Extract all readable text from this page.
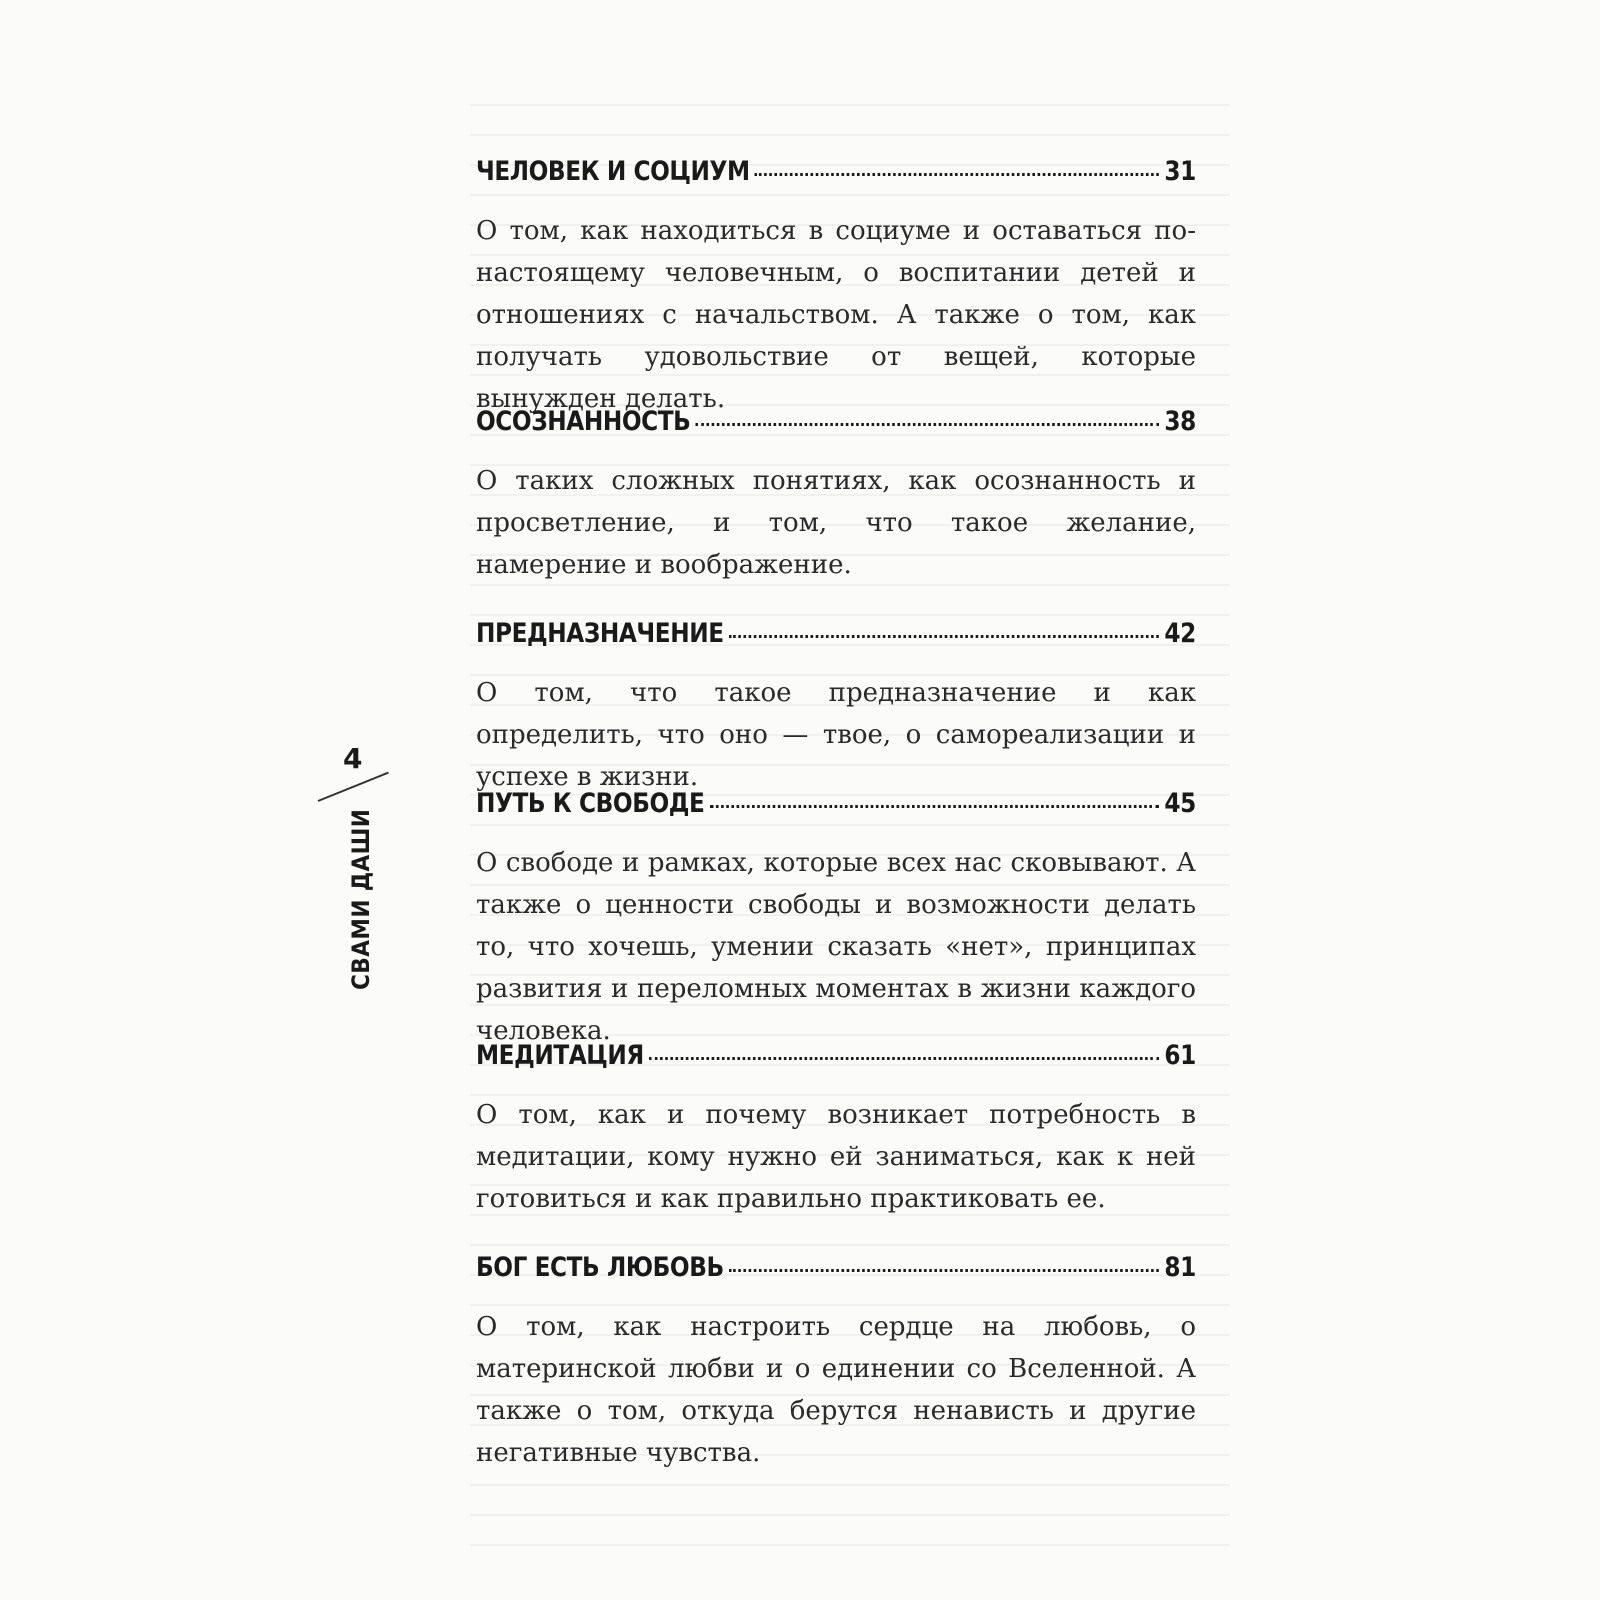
4
СВАМИ ДАШИ
ЧЕЛОВЕК И СОЦИУМ	31
О том, как находиться в социуме и оставаться по-настоящему человечным, о воспитании детей и отношениях с начальством. А также о том, как получать удовольствие от вещей, которые вынужден делать.
ОСОЗНАННОСТЬ	38
О таких сложных понятиях, как осознанность и просветление, и том, что такое желание, намерение и воображение.
ПРЕДНАЗНАЧЕНИЕ	42
О том, что такое предназначение и как определить, что оно — твое, о самореализации и успехе в жизни.
ПУТЬ К СВОБОДЕ	45
О свободе и рамках, которые всех нас сковывают. А также о ценности свободы и возможности делать то, что хочешь, умении сказать «нет», принципах развития и переломных моментах в жизни каждого человека.
МЕДИТАЦИЯ	61
О том, как и почему возникает потребность в медитации, кому нужно ей заниматься, как к ней готовиться и как правильно практиковать ее.
БОГ ЕСТЬ ЛЮБОВЬ	81
О том, как настроить сердце на любовь, о материнской любви и о единении со Вселенной. А также о том, откуда берутся ненависть и другие негативные чувства.
